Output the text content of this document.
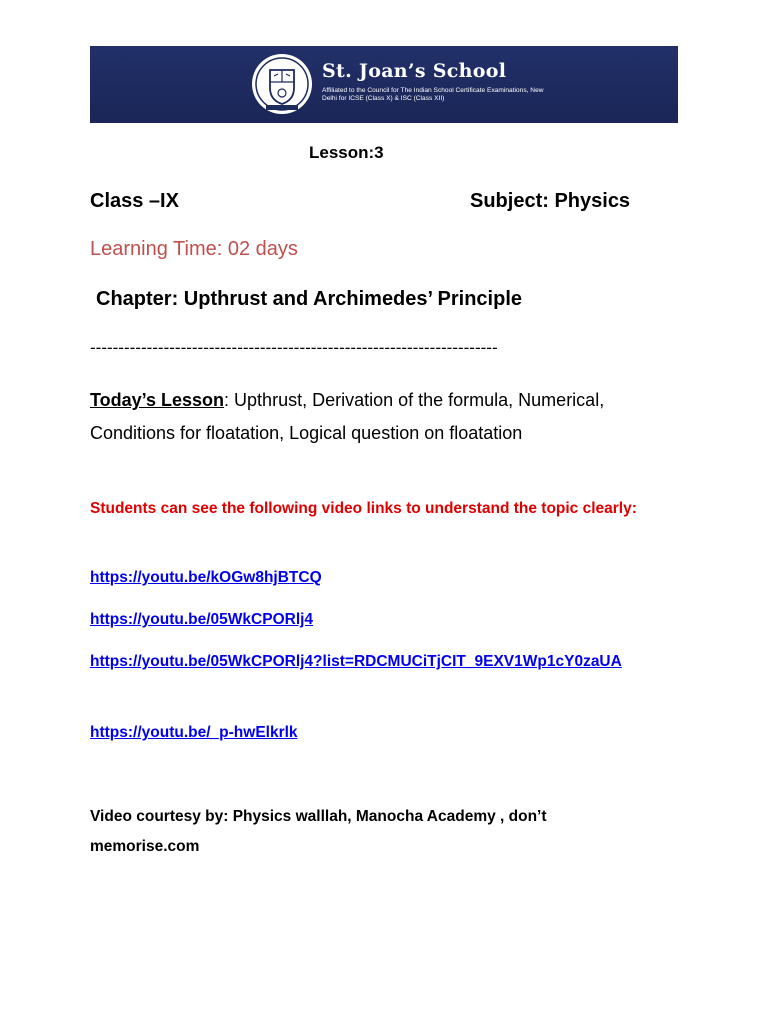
St. Joan’s School
Affiliated to the Council for The Indian School Certificate Examinations, New Delhi for ICSE (Class X) & ISC (Class XII)
Lesson:3
Class –IX	Subject: Physics
Learning Time: 02 days
Chapter: Upthrust and Archimedes’ Principle
------------------------------------------------------------------------
Today’s Lesson: Upthrust, Derivation of the formula, Numerical, Conditions for floatation, Logical question on floatation
Students can see the following video links to understand the topic clearly:
https://youtu.be/kOGw8hjBTCQ
https://youtu.be/05WkCPORlj4
https://youtu.be/05WkCPORlj4?list=RDCMUCiTjCIT_9EXV1Wp1cY0zaUA
https://youtu.be/_p-hwElkrlk
Video courtesy by: Physics walllah, Manocha Academy , don’t memorise.com
